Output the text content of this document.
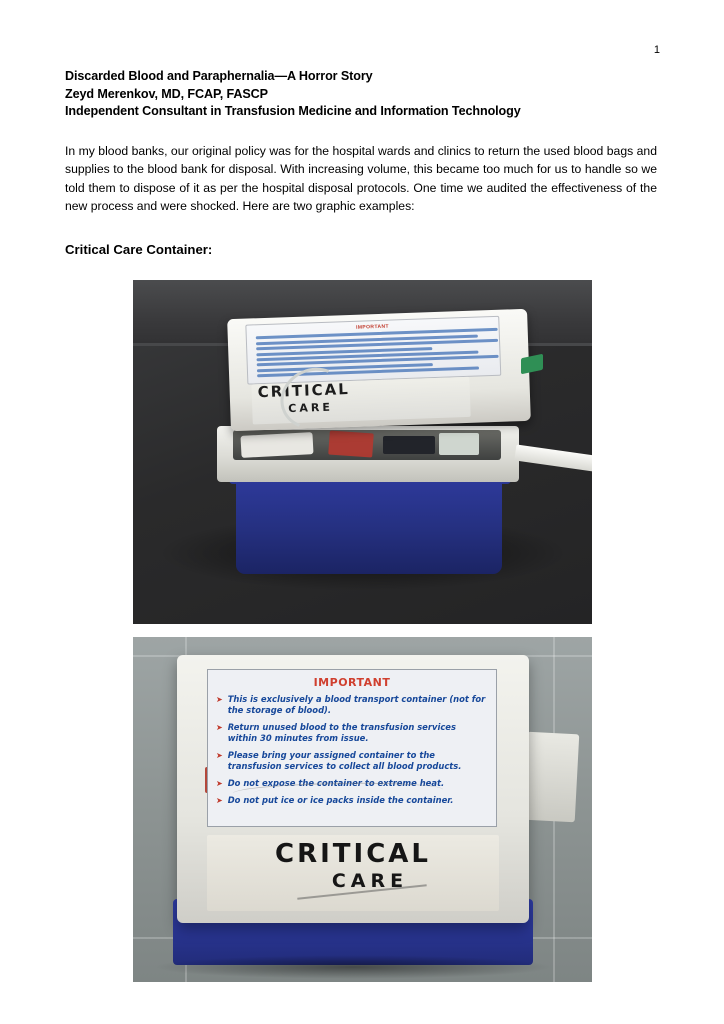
1
Discarded Blood and Paraphernalia—A Horror Story
Zeyd Merenkov, MD, FCAP, FASCP
Independent Consultant in Transfusion Medicine and Information Technology
In my blood banks, our original policy was for the hospital wards and clinics to return the used blood bags and supplies to the blood bank for disposal. With increasing volume, this became too much for us to handle so we told them to dispose of it as per the hospital disposal protocols. One time we audited the effectiveness of the new process and were shocked. Here are two graphic examples:
Critical Care Container:
IMPORTANT
CRITICAL
CARE
IMPORTANT
➤ This is exclusively a blood transport container (not for the storage of blood).
➤ Return unused blood to the transfusion services within 30 minutes from issue.
➤ Please bring your assigned container to the transfusion services to collect all blood products.
➤ Do not expose the container to extreme heat.
➤ Do not put ice or ice packs inside the container.
CRITICAL
CARE
